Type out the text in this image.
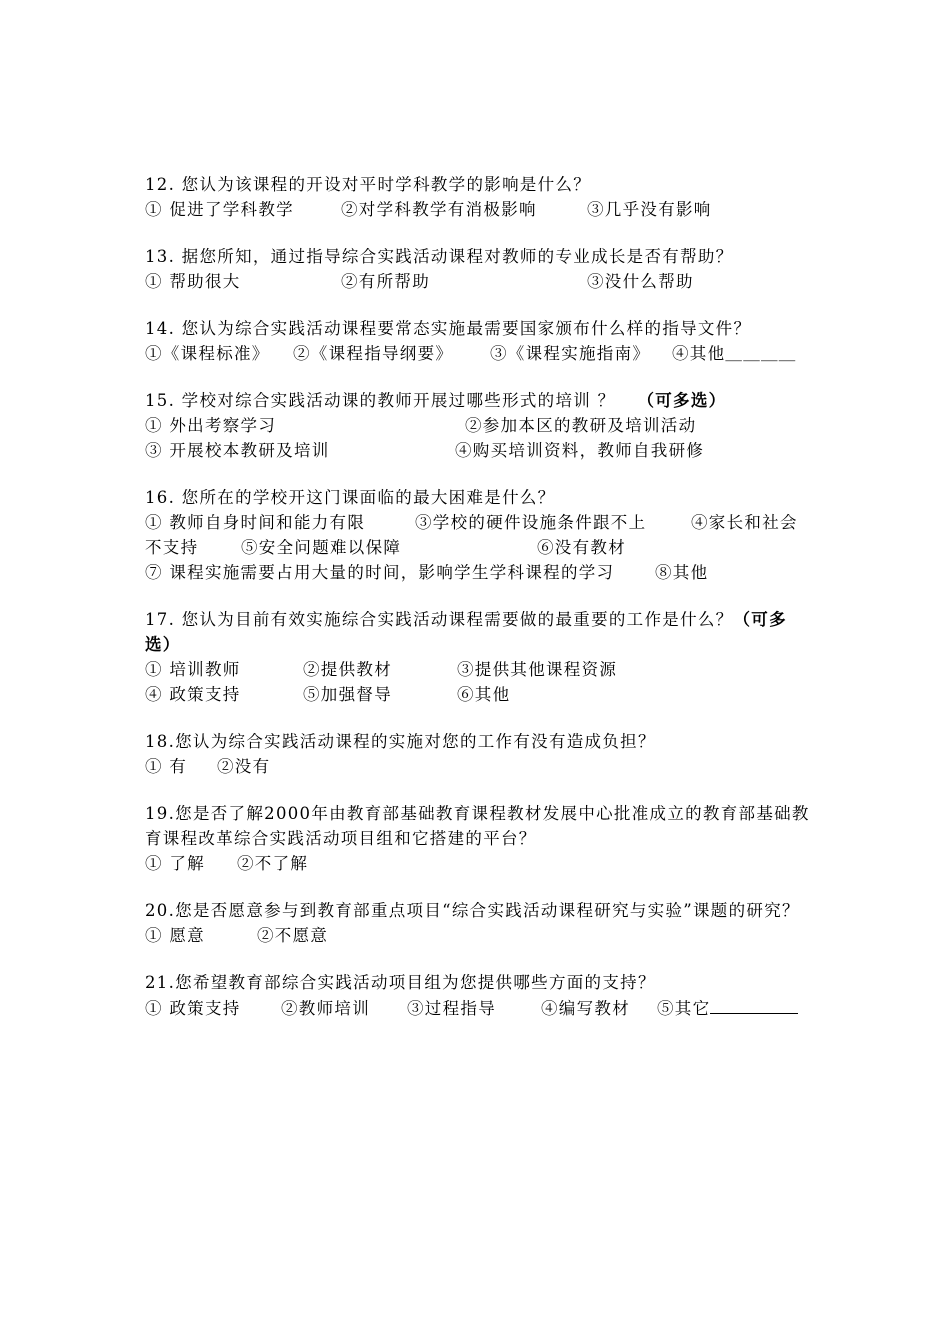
12. 您认为该课程的开设对平时学科教学的影响是什么？
① 促进了学科教学	②对学科教学有消极影响	③几乎没有影响
13. 据您所知，通过指导综合实践活动课程对教师的专业成长是否有帮助？
① 帮助很大	②有所帮助	③没什么帮助
14. 您认为综合实践活动课程要常态实施最需要国家颁布什么样的指导文件？
①《课程标准》 ②《课程指导纲要》 ③《课程实施指南》 ④其他＿＿＿＿
15. 学校对综合实践活动课的教师开展过哪些形式的培训 ？ （可多选）
① 外出考察学习	②参加本区的教研及培训活动
③ 开展校本教研及培训	④购买培训资料，教师自我研修
16. 您所在的学校开这门课面临的最大困难是什么？
① 教师自身时间和能力有限	③学校的硬件设施条件跟不上	④家长和社会
不支持	⑤安全问题难以保障	⑥没有教材
⑦ 课程实施需要占用大量的时间，影响学生学科课程的学习 ⑧其他
17. 您认为目前有效实施综合实践活动课程需要做的最重要的工作是什么？（可多选）
① 培训教师	②提供教材	③提供其他课程资源
④ 政策支持	⑤加强督导	⑥其他
18.您认为综合实践活动课程的实施对您的工作有没有造成负担？
① 有 ②没有
19.您是否了解2000年由教育部基础教育课程教材发展中心批准成立的教育部基础教育课程改革综合实践活动项目组和它搭建的平台？
① 了解 ②不了解
20.您是否愿意参与到教育部重点项目“综合实践活动课程研究与实验”课题的研究？
① 愿意	②不愿意
21.您希望教育部综合实践活动项目组为您提供哪些方面的支持？
① 政策支持 ②教师培训 ③过程指导	④编写教材 ⑤其它
